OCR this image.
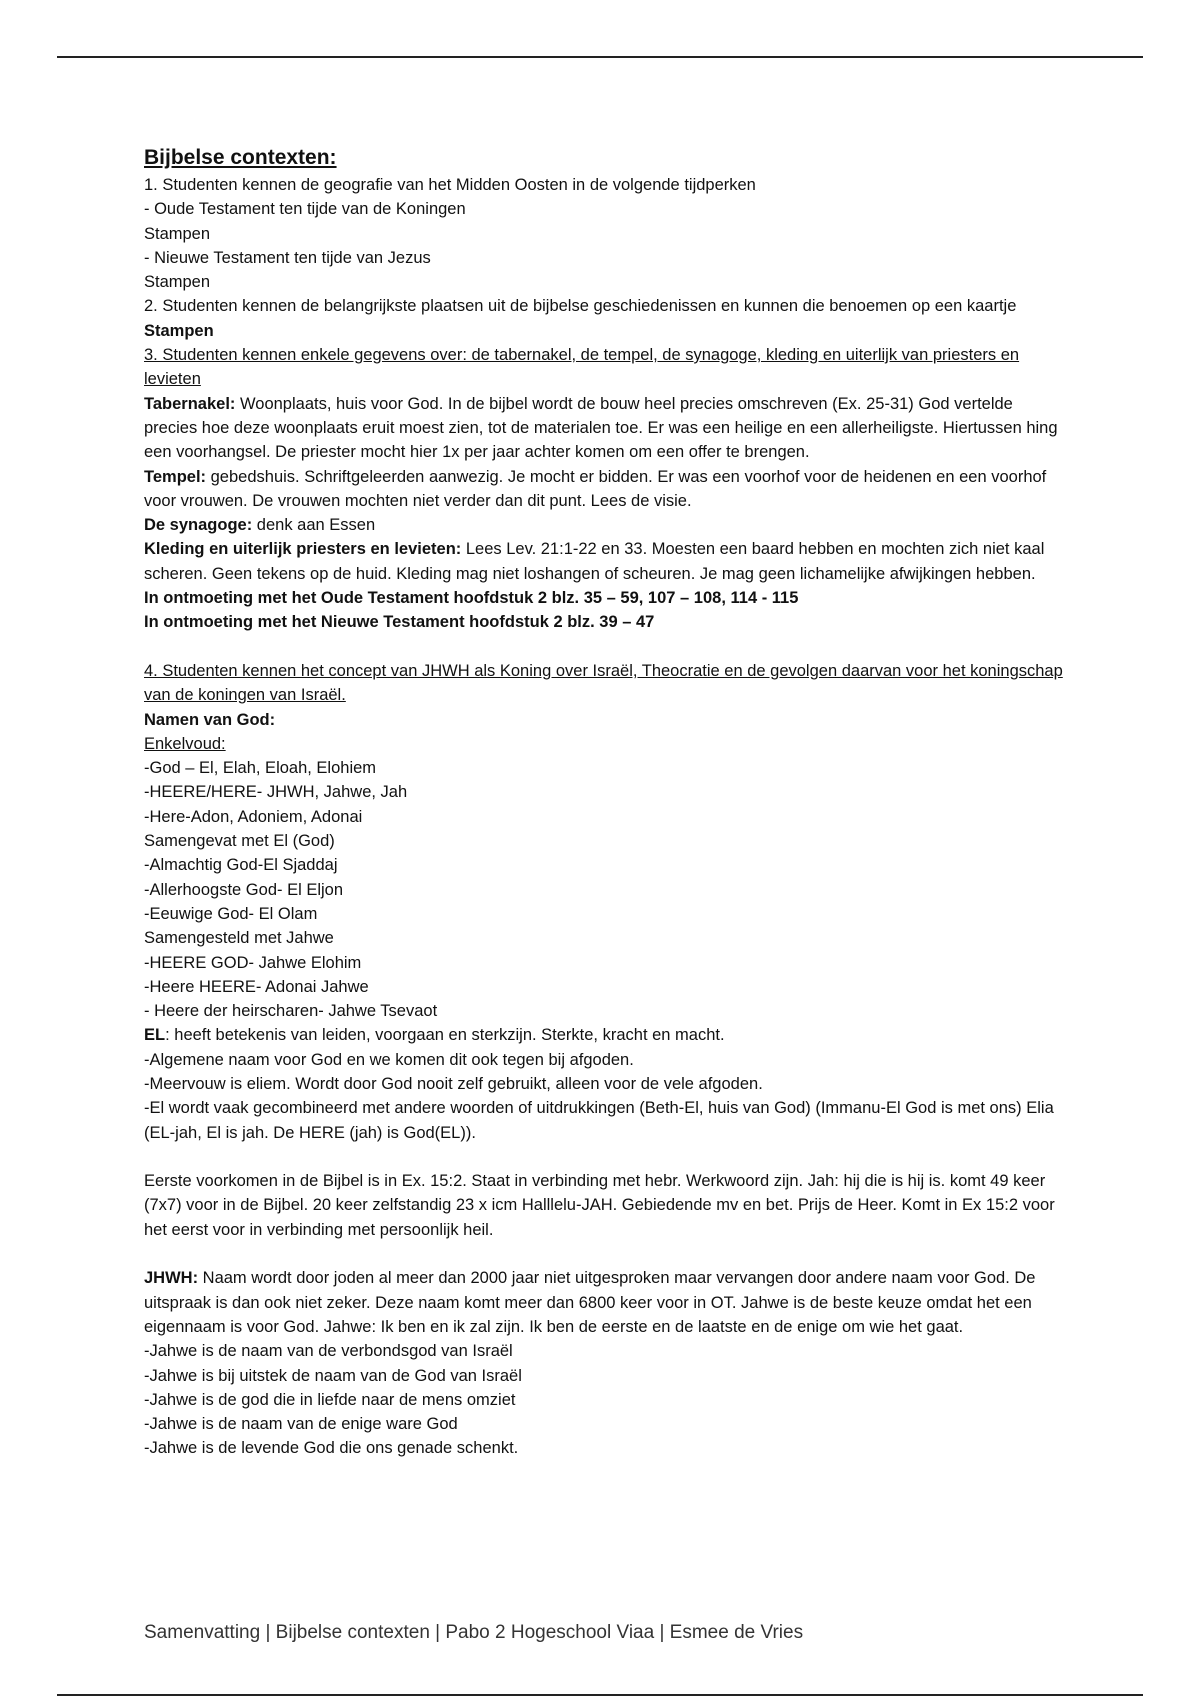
Bijbelse contexten:

1. Studenten kennen de geografie van het Midden Oosten in de volgende tijdperken

- Oude Testament ten tijde van de Koningen

Stampen

- Nieuwe Testament ten tijde van Jezus

Stampen

2. Studenten kennen de belangrijkste plaatsen uit de bijbelse geschiedenissen en kunnen die benoemen op een kaartje Stampen

3. Studenten kennen enkele gegevens over: de tabernakel, de tempel, de synagoge, kleding en uiterlijk van priesters en levieten

Tabernakel: Woonplaats, huis voor God. In de bijbel wordt de bouw heel precies omschreven (Ex. 25-31) God vertelde precies hoe deze woonplaats eruit moest zien, tot de materialen toe. Er was een heilige en een allerheiligste. Hiertussen hing een voorhangsel. De priester mocht hier 1x per jaar achter komen om een offer te brengen.

Tempel: gebedshuis. Schriftgeleerden aanwezig. Je mocht er bidden. Er was een voorhof voor de heidenen en een voorhof voor vrouwen. De vrouwen mochten niet verder dan dit punt. Lees de visie.

De synagoge: denk aan Essen

Kleding en uiterlijk priesters en levieten: Lees Lev. 21:1-22 en 33. Moesten een baard hebben en mochten zich niet kaal scheren. Geen tekens op de huid. Kleding mag niet loshangen of scheuren. Je mag geen lichamelijke afwijkingen hebben.

In ontmoeting met het Oude Testament hoofdstuk 2 blz. 35 – 59, 107 – 108, 114 - 115

In ontmoeting met het Nieuwe Testament hoofdstuk 2 blz. 39 – 47

4. Studenten kennen het concept van JHWH als Koning over Israël, Theocratie en de gevolgen daarvan voor het koningschap van de koningen van Israël.

Namen van God:

Enkelvoud:

-God – El, Elah, Eloah, Elohiem

-HEERE/HERE- JHWH, Jahwe, Jah

-Here-Adon, Adoniem, Adonai

Samengevat met El (God)

-Almachtig God-El Sjaddaj

-Allerhoogste God- El Eljon

-Eeuwige God- El Olam

Samengesteld met Jahwe

-HEERE GOD- Jahwe Elohim

-Heere HEERE- Adonai Jahwe

- Heere der heirscharen- Jahwe Tsevaot

EL: heeft betekenis van leiden, voorgaan en sterkzijn. Sterkte, kracht en macht.

-Algemene naam voor God en we komen dit ook tegen bij afgoden.

-Meervouw is eliem. Wordt door God nooit zelf gebruikt, alleen voor de vele afgoden.

-El wordt vaak gecombineerd met andere woorden of uitdrukkingen (Beth-El, huis van God) (Immanu-El God is met ons) Elia (EL-jah, El is jah. De HERE (jah) is God(EL)).

Eerste voorkomen in de Bijbel is in Ex. 15:2. Staat in verbinding met hebr. Werkwoord zijn. Jah: hij die is hij is. komt 49 keer (7x7) voor in de Bijbel. 20 keer zelfstandig 23 x icm Halllelu-JAH. Gebiedende mv en bet. Prijs de Heer. Komt in Ex 15:2 voor het eerst voor in verbinding met persoonlijk heil.

JHWH: Naam wordt door joden al meer dan 2000 jaar niet uitgesproken maar vervangen door andere naam voor God. De uitspraak is dan ook niet zeker. Deze naam komt meer dan 6800 keer voor in OT. Jahwe is de beste keuze omdat het een eigennaam is voor God. Jahwe: Ik ben en ik zal zijn. Ik ben de eerste en de laatste en de enige om wie het gaat.

-Jahwe is de naam van de verbondsgod van Israël

-Jahwe is bij uitstek de naam van de God van Israël

-Jahwe is de god die in liefde naar de mens omziet

-Jahwe is de naam van de enige ware God

-Jahwe is de levende God die ons genade schenkt.

Samenvatting | Bijbelse contexten | Pabo 2 Hogeschool Viaa | Esmee de Vries
